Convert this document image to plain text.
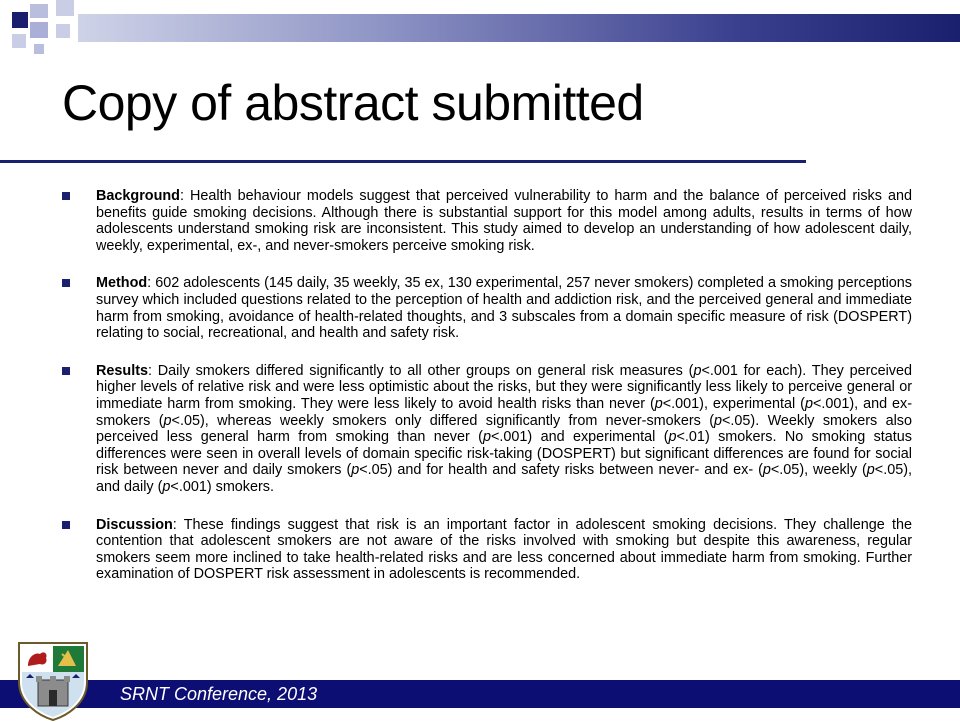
Copy of abstract submitted
Background: Health behaviour models suggest that perceived vulnerability to harm and the balance of perceived risks and benefits guide smoking decisions. Although there is substantial support for this model among adults, results in terms of how adolescents understand smoking risk are inconsistent. This study aimed to develop an understanding of how adolescent daily, weekly, experimental, ex-, and never-smokers perceive smoking risk.
Method: 602 adolescents (145 daily, 35 weekly, 35 ex, 130 experimental, 257 never smokers) completed a smoking perceptions survey which included questions related to the perception of health and addiction risk, and the perceived general and immediate harm from smoking, avoidance of health-related thoughts, and 3 subscales from a domain specific measure of risk (DOSPERT) relating to social, recreational, and health and safety risk.
Results: Daily smokers differed significantly to all other groups on general risk measures (p<.001 for each). They perceived higher levels of relative risk and were less optimistic about the risks, but they were significantly less likely to perceive general or immediate harm from smoking. They were less likely to avoid health risks than never (p<.001), experimental (p<.001), and ex-smokers (p<.05), whereas weekly smokers only differed significantly from never-smokers (p<.05). Weekly smokers also perceived less general harm from smoking than never (p<.001) and experimental (p<.01) smokers. No smoking status differences were seen in overall levels of domain specific risk-taking (DOSPERT) but significant differences are found for social risk between never and daily smokers (p<.05) and for health and safety risks between never- and ex- (p<.05), weekly (p<.05), and daily (p<.001) smokers.
Discussion: These findings suggest that risk is an important factor in adolescent smoking decisions. They challenge the contention that adolescent smokers are not aware of the risks involved with smoking but despite this awareness, regular smokers seem more inclined to take health-related risks and are less concerned about immediate harm from smoking. Further examination of DOSPERT risk assessment in adolescents is recommended.
SRNT Conference, 2013
